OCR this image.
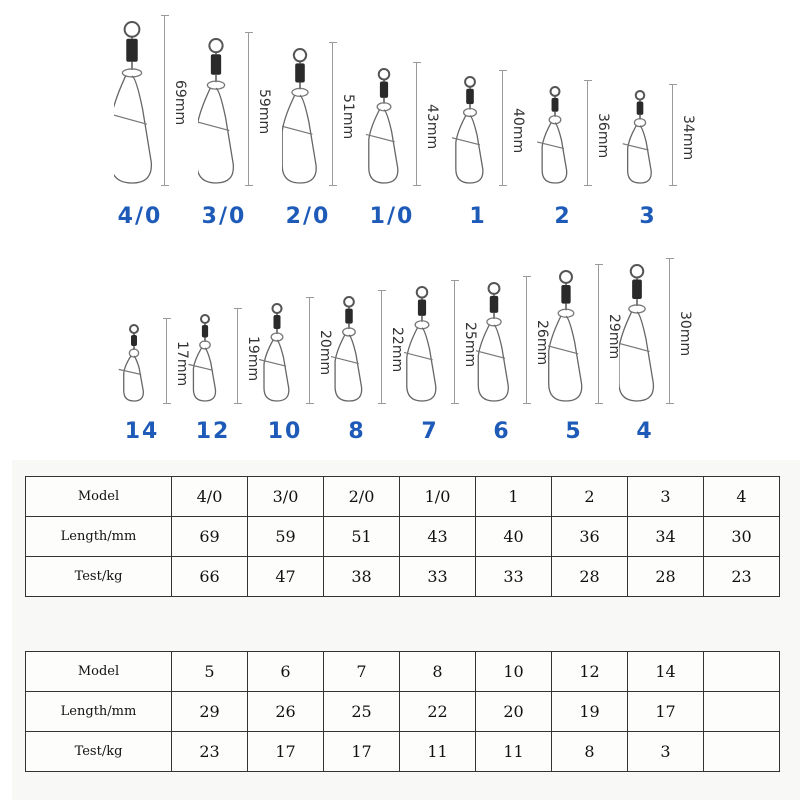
69mm
4/0
59mm
3/0
51mm
2/0
43mm
1/0
40mm
1
36mm
2
34mm
3
17mm
14
19mm
12
20mm
10
22mm
8
25mm
7
26mm
6
29mm
5
30mm
4
Model	4/0	3/0	2/0	1/0	1	2	3	4
Length/mm	69	59	51	43	40	36	34	30
Test/kg	66	47	38	33	33	28	28	23
Model	5	6	7	8	10	12	14	
Length/mm	29	26	25	22	20	19	17	
Test/kg	23	17	17	11	11	8	3	
